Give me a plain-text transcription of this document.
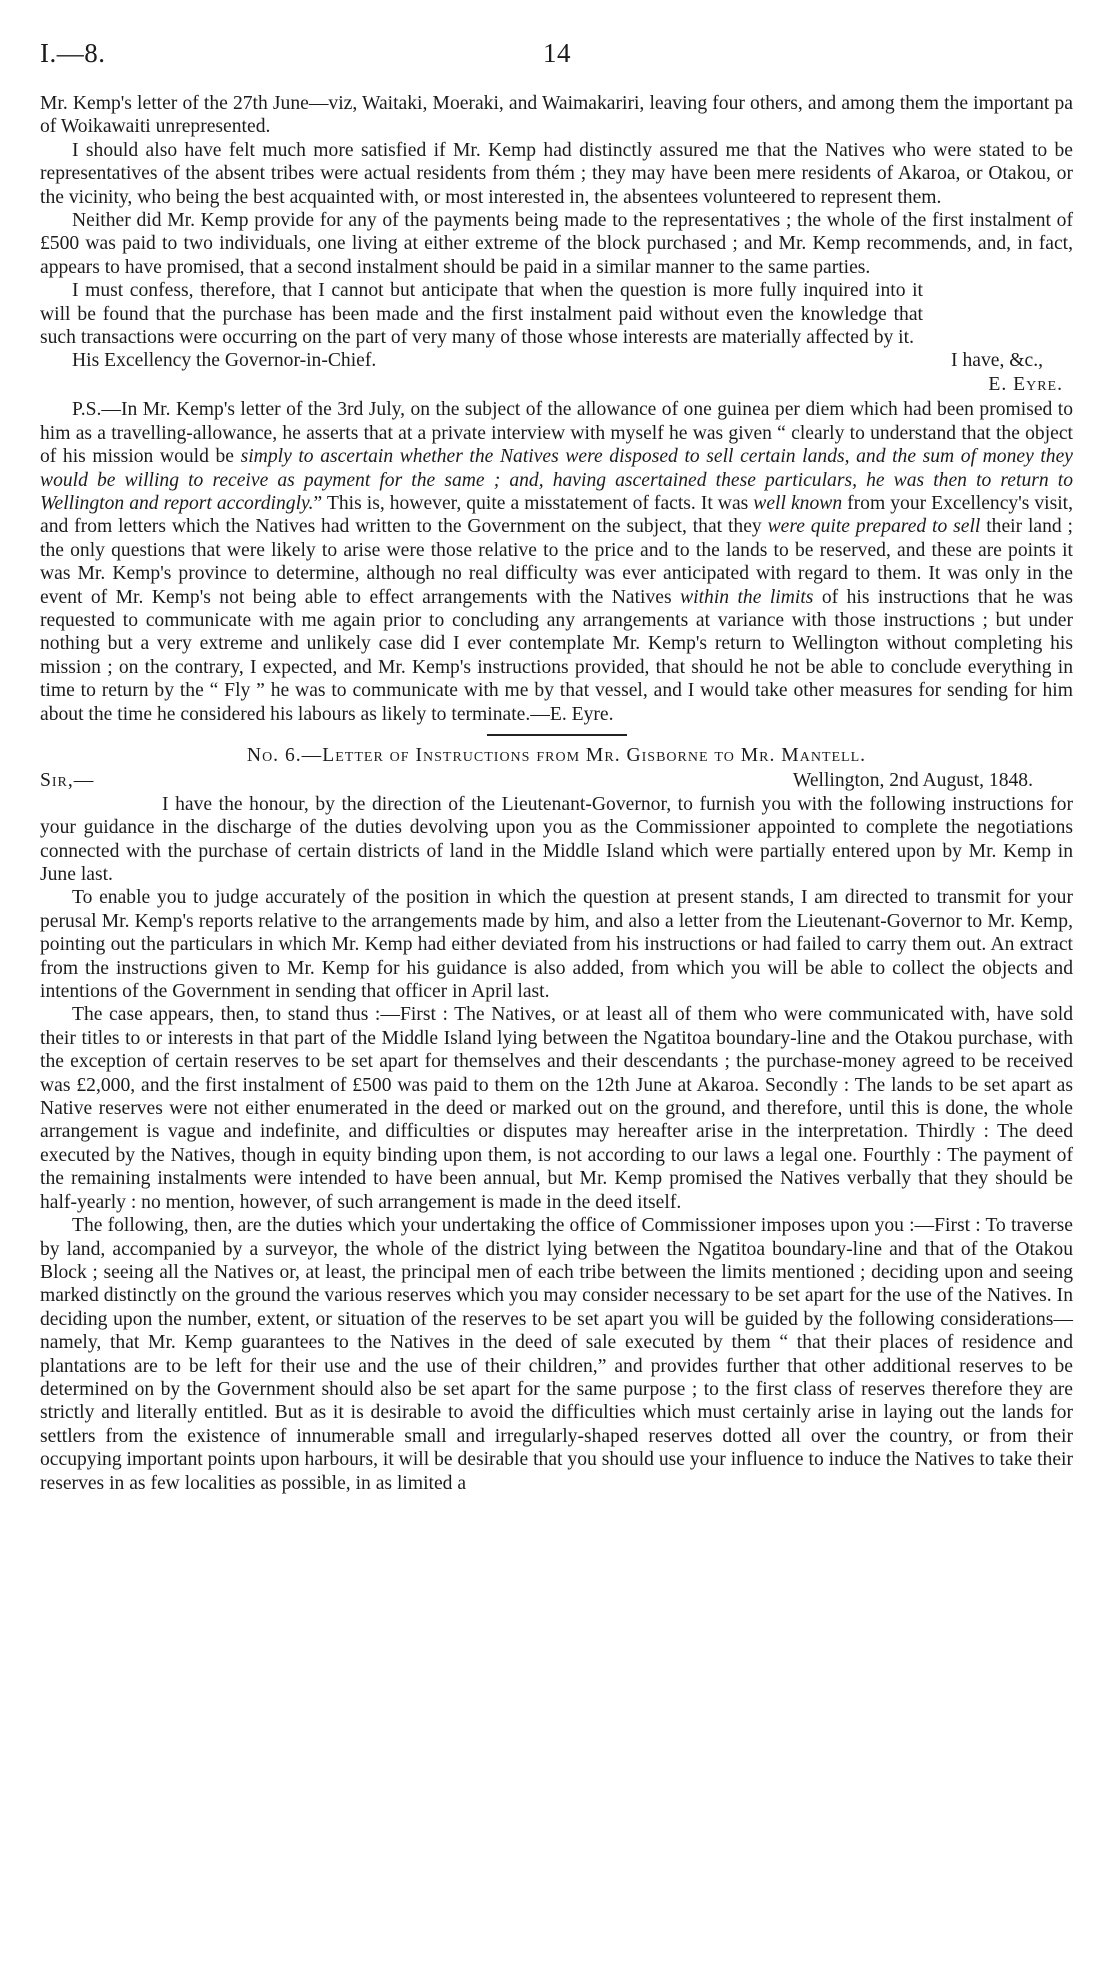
14
I.—8.

Mr. Kemp's letter of the 27th June—viz, Waitaki, Moeraki, and Waimakariri, leaving four others, and among them the important pa of Woikawaiti unrepresented.

I should also have felt much more satisfied if Mr. Kemp had distinctly assured me that the Natives who were stated to be representatives of the absent tribes were actual residents from thém ; they may have been mere residents of Akaroa, or Otakou, or the vicinity, who being the best acquainted with, or most interested in, the absentees volunteered to represent them.

Neither did Mr. Kemp provide for any of the payments being made to the representatives ; the whole of the first instalment of £500 was paid to two individuals, one living at either extreme of the block purchased ; and Mr. Kemp recommends, and, in fact, appears to have promised, that a second instalment should be paid in a similar manner to the same parties.

I must confess, therefore, that I cannot but anticipate that when the question is more fully inquired into it will be found that the purchase has been made and the first instalment paid without even the knowledge that such transactions were occurring on the part of very many of those whose interests are materially affected by it.

His Excellency the Governor-in-Chief.	I have, &c.,
E. Eyre.

P.S.—In Mr. Kemp's letter of the 3rd July, on the subject of the allowance of one guinea per diem which had been promised to him as a travelling-allowance, he asserts that at a private interview with myself he was given “ clearly to understand that the object of his mission would be simply to ascertain whether the Natives were disposed to sell certain lands, and the sum of money they would be willing to receive as payment for the same ; and, having ascertained these particulars, he was then to return to Wellington and report accordingly.” This is, however, quite a misstatement of facts. It was well known from your Excellency's visit, and from letters which the Natives had written to the Government on the subject, that they were quite prepared to sell their land ; the only questions that were likely to arise were those relative to the price and to the lands to be reserved, and these are points it was Mr. Kemp's province to determine, although no real difficulty was ever anticipated with regard to them. It was only in the event of Mr. Kemp's not being able to effect arrangements with the Natives within the limits of his instructions that he was requested to communicate with me again prior to concluding any arrangements at variance with those instructions ; but under nothing but a very extreme and unlikely case did I ever contemplate Mr. Kemp's return to Wellington without completing his mission ; on the contrary, I expected, and Mr. Kemp's instructions provided, that should he not be able to conclude everything in time to return by the “ Fly ” he was to communicate with me by that vessel, and I would take other measures for sending for him about the time he considered his labours as likely to terminate.—E. Eyre.

No. 6.—Letter of Instructions from Mr. Gisborne to Mr. Mantell.
Sir,—	Wellington, 2nd August, 1848.

I have the honour, by the direction of the Lieutenant-Governor, to furnish you with the following instructions for your guidance in the discharge of the duties devolving upon you as the Commissioner appointed to complete the negotiations connected with the purchase of certain districts of land in the Middle Island which were partially entered upon by Mr. Kemp in June last.

To enable you to judge accurately of the position in which the question at present stands, I am directed to transmit for your perusal Mr. Kemp's reports relative to the arrangements made by him, and also a letter from the Lieutenant-Governor to Mr. Kemp, pointing out the particulars in which Mr. Kemp had either deviated from his instructions or had failed to carry them out. An extract from the instructions given to Mr. Kemp for his guidance is also added, from which you will be able to collect the objects and intentions of the Government in sending that officer in April last.

The case appears, then, to stand thus :—First : The Natives, or at least all of them who were communicated with, have sold their titles to or interests in that part of the Middle Island lying between the Ngatitoa boundary-line and the Otakou purchase, with the exception of certain reserves to be set apart for themselves and their descendants ; the purchase-money agreed to be received was £2,000, and the first instalment of £500 was paid to them on the 12th June at Akaroa. Secondly : The lands to be set apart as Native reserves were not either enumerated in the deed or marked out on the ground, and therefore, until this is done, the whole arrangement is vague and indefinite, and difficulties or disputes may hereafter arise in the interpretation. Thirdly : The deed executed by the Natives, though in equity binding upon them, is not according to our laws a legal one. Fourthly : The payment of the remaining instalments were intended to have been annual, but Mr. Kemp promised the Natives verbally that they should be half-yearly : no mention, however, of such arrangement is made in the deed itself.

The following, then, are the duties which your undertaking the office of Commissioner imposes upon you :—First : To traverse by land, accompanied by a surveyor, the whole of the district lying between the Ngatitoa boundary-line and that of the Otakou Block ; seeing all the Natives or, at least, the principal men of each tribe between the limits mentioned ; deciding upon and seeing marked distinctly on the ground the various reserves which you may consider necessary to be set apart for the use of the Natives. In deciding upon the number, extent, or situation of the reserves to be set apart you will be guided by the following considerations—namely, that Mr. Kemp guarantees to the Natives in the deed of sale executed by them “ that their places of residence and plantations are to be left for their use and the use of their children,” and provides further that other additional reserves to be determined on by the Government should also be set apart for the same purpose ; to the first class of reserves therefore they are strictly and literally entitled. But as it is desirable to avoid the difficulties which must certainly arise in laying out the lands for settlers from the existence of innumerable small and irregularly-shaped reserves dotted all over the country, or from their occupying important points upon harbours, it will be desirable that you should use your influence to induce the Natives to take their reserves in as few localities as possible, in as limited a
